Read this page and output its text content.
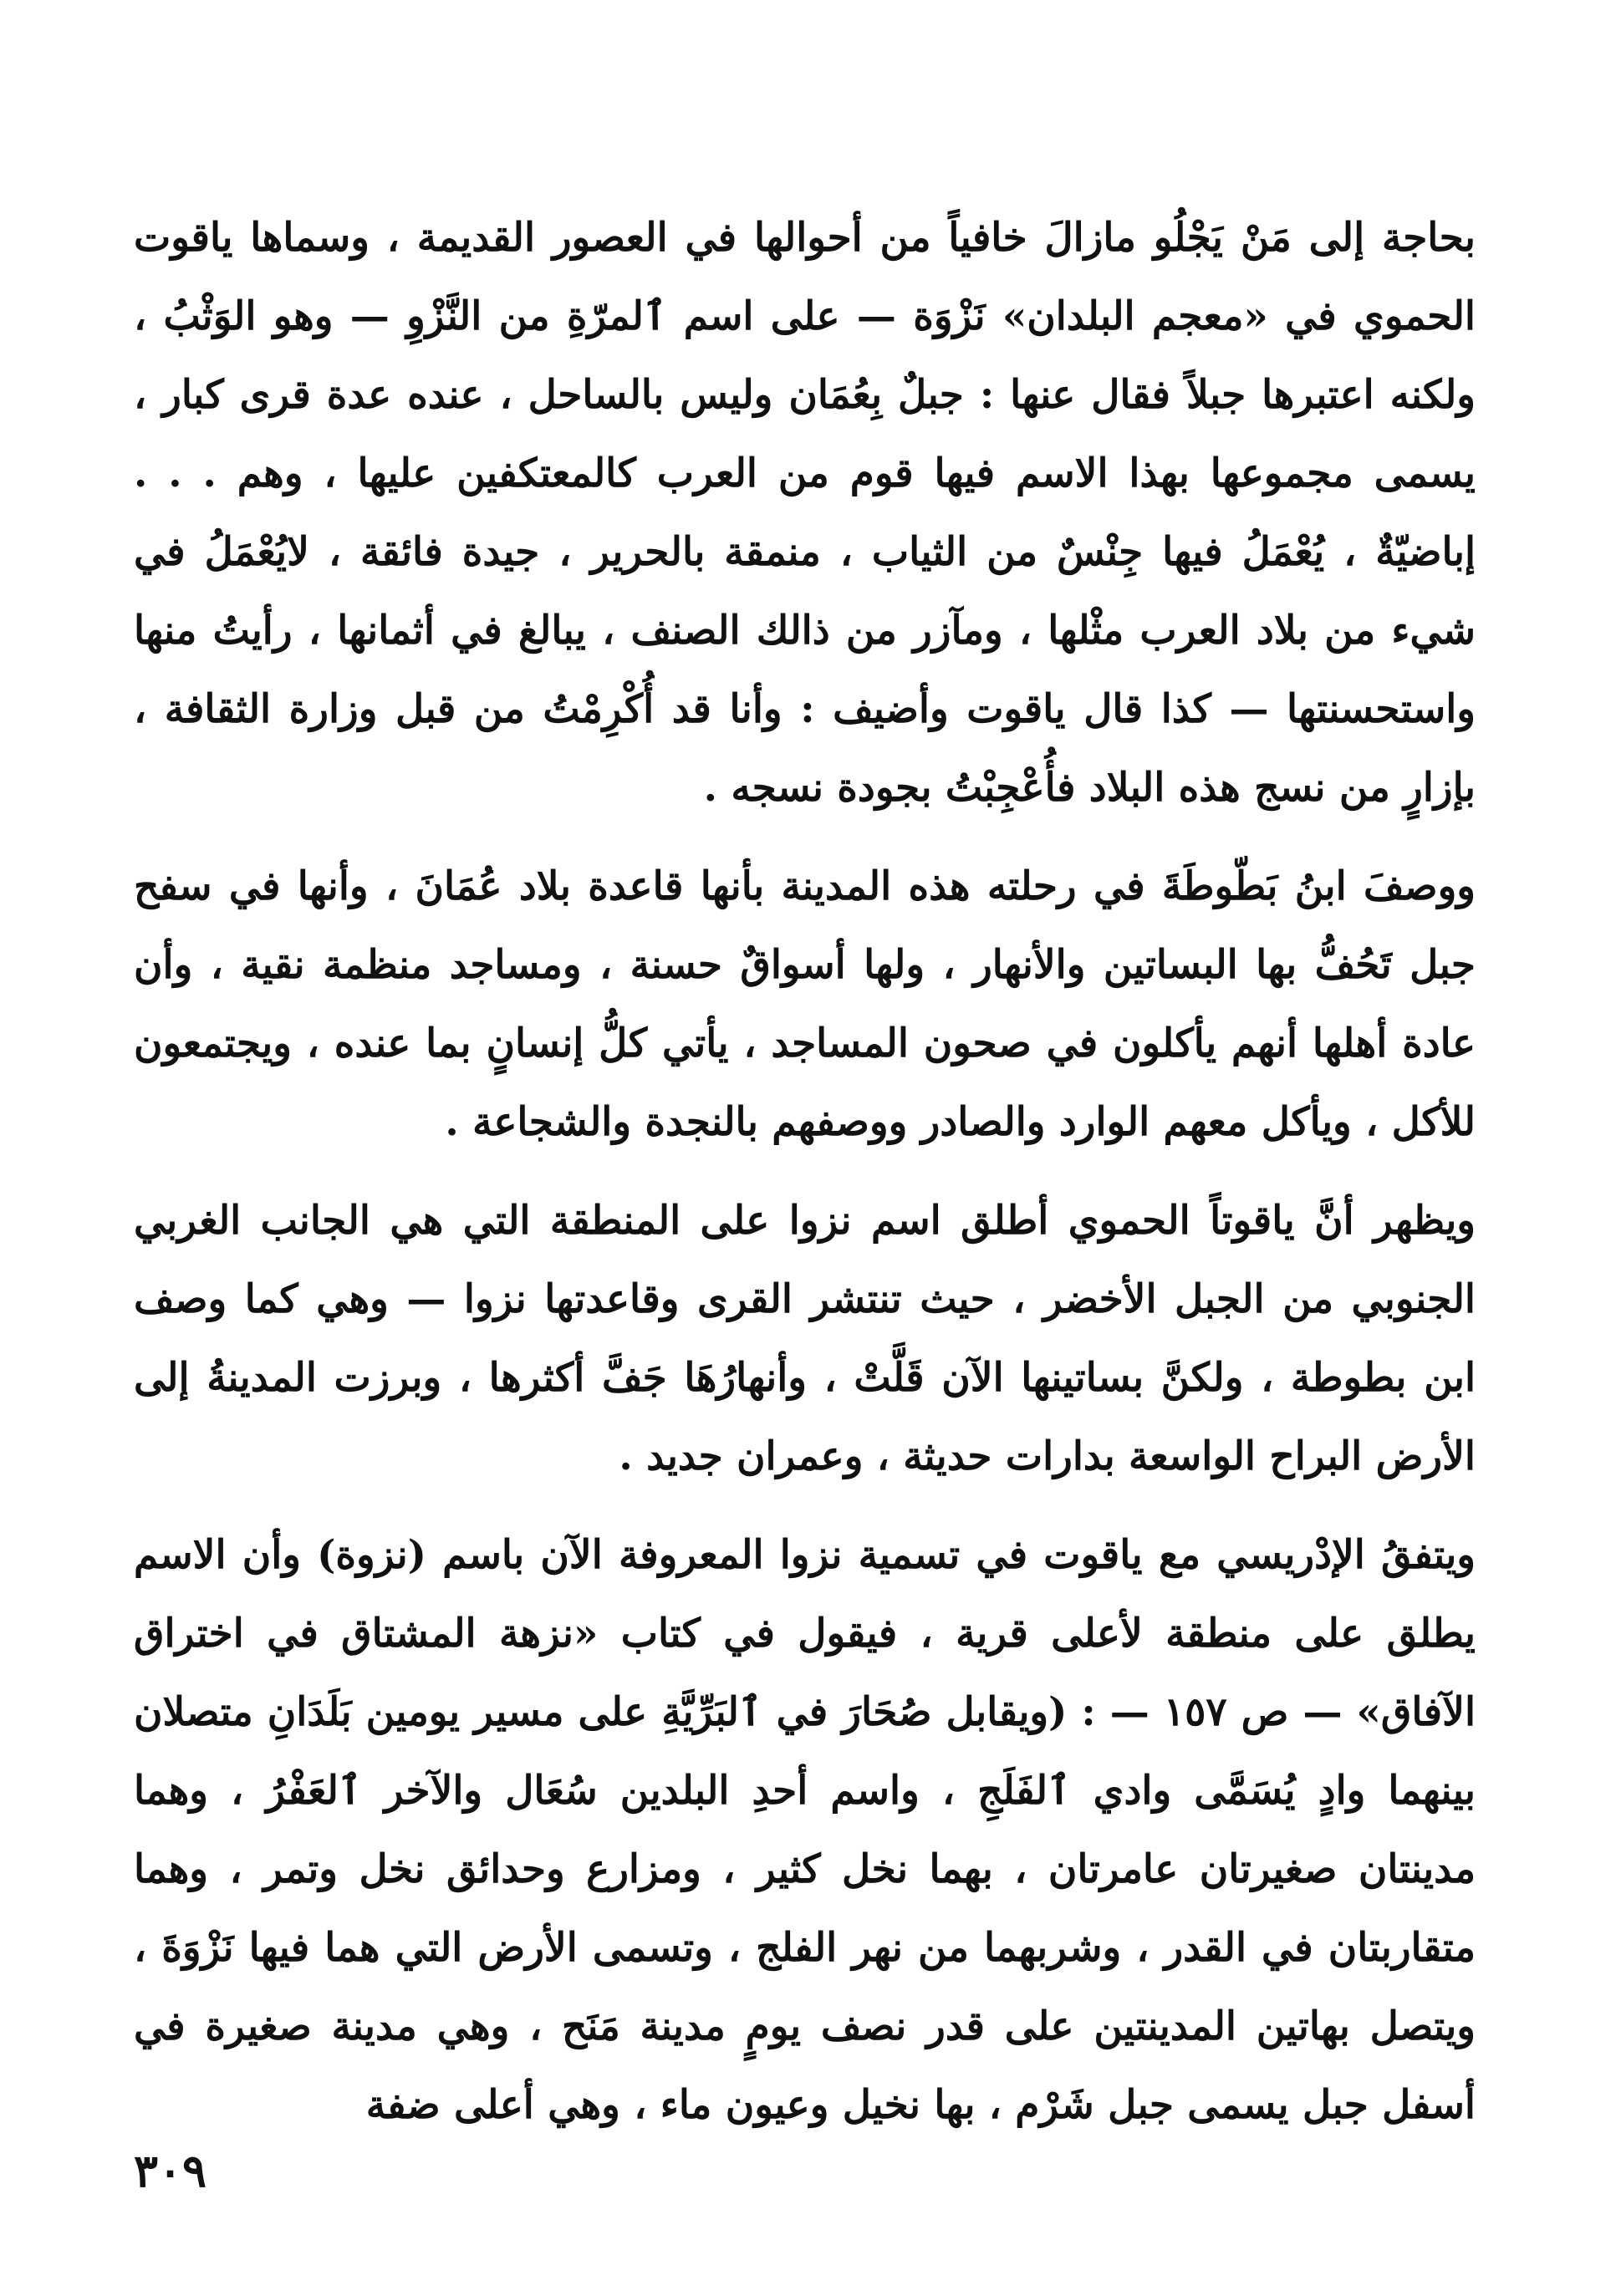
بحاجة إلى مَنْ يَجْلُو مازالَ خافياً من أحوالها في العصور القديمة ، وسماها ياقوت الحموي في «معجم البلدان» نَزْوَة — على اسم ٱلمرّةِ من النَّزْوِ — وهو الوَثْبُ ، ولكنه اعتبرها جبلاً فقال عنها : جبلٌ بِعُمَان وليس بالساحل ، عنده عدة قرى كبار ، يسمى مجموعها بهذا الاسم فيها قوم من العرب كالمعتكفين عليها ، وهم . . . إباضيّةٌ ، يُعْمَلُ فيها جِنْسٌ من الثياب ، منمقة بالحرير ، جيدة فائقة ، لايُعْمَلُ في شيء من بلاد العرب مثْلها ، ومآزر من ذالك الصنف ، يبالغ في أثمانها ، رأيتُ منها واستحسنتها — كذا قال ياقوت وأضيف : وأنا قد أُكْرِمْتُ من قبل وزارة الثقافة ، بإزارٍ من نسج هذه البلاد فأُعْجِبْتُ بجودة نسجه .

ووصفَ ابنُ بَطّوطَةَ في رحلته هذه المدينة بأنها قاعدة بلاد عُمَانَ ، وأنها في سفح جبل تَحُفُّ بها البساتين والأنهار ، ولها أسواقٌ حسنة ، ومساجد منظمة نقية ، وأن عادة أهلها أنهم يأكلون في صحون المساجد ، يأتي كلُّ إنسانٍ بما عنده ، ويجتمعون للأكل ، ويأكل معهم الوارد والصادر ووصفهم بالنجدة والشجاعة .

ويظهر أنَّ ياقوتاً الحموي أطلق اسم نزوا على المنطقة التي هي الجانب الغربي الجنوبي من الجبل الأخضر ، حيث تنتشر القرى وقاعدتها نزوا — وهي كما وصف ابن بطوطة ، ولكنَّ بساتينها الآن قَلَّتْ ، وأنهارُهَا جَفَّ أكثرها ، وبرزت المدينةُ إلى الأرض البراح الواسعة بدارات حديثة ، وعمران جديد .

ويتفقُ الإدْريسي مع ياقوت في تسمية نزوا المعروفة الآن باسم (نزوة) وأن الاسم يطلق على منطقة لأعلى قرية ، فيقول في كتاب «نزهة المشتاق في اختراق الآفاق» — ص ١٥٧ — : (ويقابل صُحَارَ في ٱلبَرِّيَّةِ على مسير يومين بَلَدَانِ متصلان بينهما وادٍ يُسَمَّى وادي ٱلفَلَجِ ، واسم أحدِ البلدين سُعَال والآخر ٱلعَفْرُ ، وهما مدينتان صغيرتان عامرتان ، بهما نخل كثير ، ومزارع وحدائق نخل وتمر ، وهما متقاربتان في القدر ، وشربهما من نهر الفلج ، وتسمى الأرض التي هما فيها نَزْوَةَ ، ويتصل بهاتين المدينتين على قدر نصف يومٍ مدينة مَنَح ، وهي مدينة صغيرة في أسفل جبل يسمى جبل شَرْم ، بها نخيل وعيون ماء ، وهي أعلى ضفة

٣٠٩
